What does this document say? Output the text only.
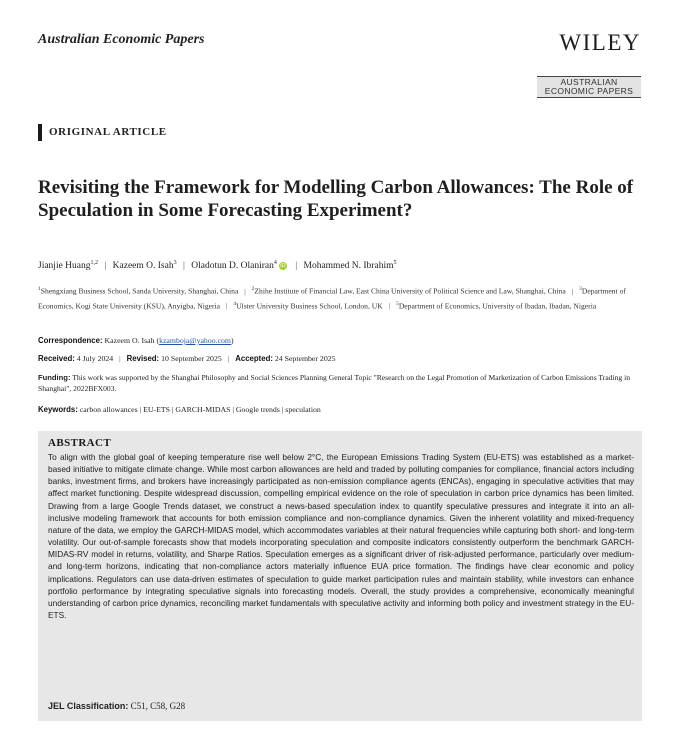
Australian Economic Papers	WILEY
AUSTRALIAN
ECONOMIC PAPERS
ORIGINAL ARTICLE
Revisiting the Framework for Modelling Carbon Allowances: The Role of Speculation in Some Forecasting Experiment?
Jianjie Huang$^{1,2}$ | Kazeem O. Isah$^3$ | Oladotun D. Olaniran$^4$ iD | Mohammed N. Ibrahim$^5$
$^1$Shengxiang Business School, Sanda University, Shanghai, China | $^2$Zhihe Institute of Financial Law, East China University of Political Science and Law, Shanghai, China | $^3$Department of Economics, Kogi State University (KSU), Anyigba, Nigeria | $^4$Ulster University Business School, London, UK | $^5$Department of Economics, University of Ibadan, Ibadan, Nigeria
Correspondence: Kazeem O. Isah (kzamboja@yahoo.com)
Received: 4 July 2024 | Revised: 10 September 2025 | Accepted: 24 September 2025
Funding: This work was supported by the Shanghai Philosophy and Social Sciences Planning General Topic "Research on the Legal Promotion of Marketization of Carbon Emissions Trading in Shanghai", 2022BFX003.
Keywords: carbon allowances | EU-ETS | GARCH-MIDAS | Google trends | speculation
ABSTRACT
To align with the global goal of keeping temperature rise well below 2°C, the European Emissions Trading System (EU-ETS) was established as a market-based initiative to mitigate climate change. While most carbon allowances are held and traded by polluting companies for compliance, financial actors including banks, investment firms, and brokers have increasingly participated as non-emission compliance agents (ENCAs), engaging in speculative activities that may affect market functioning. Despite widespread discussion, compelling empirical evidence on the role of speculation in carbon price dynamics has been limited. Drawing from a large Google Trends dataset, we construct a news-based speculation index to quantify speculative pressures and integrate it into an all-inclusive modeling framework that accounts for both emission compliance and non-compliance dynamics. Given the inherent volatility and mixed-frequency nature of the data, we employ the GARCH-MIDAS model, which accommodates variables at their natural frequencies while capturing both short- and long-term volatility. Our out-of-sample forecasts show that models incorporating speculation and composite indicators consistently outperform the benchmark GARCH-MIDAS-RV model in returns, volatility, and Sharpe Ratios. Speculation emerges as a significant driver of risk-adjusted performance, particularly over medium- and long-term horizons, indicating that non-compliance actors materially influence EUA price formation. The findings have clear economic and policy implications. Regulators can use data-driven estimates of speculation to guide market participation rules and maintain stability, while investors can enhance portfolio performance by integrating speculative signals into forecasting models. Overall, the study provides a comprehensive, economically meaningful understanding of carbon price dynamics, reconciling market fundamentals with speculative activity and informing both policy and investment strategy in the EU-ETS.
JEL Classification: C51, C58, G28
